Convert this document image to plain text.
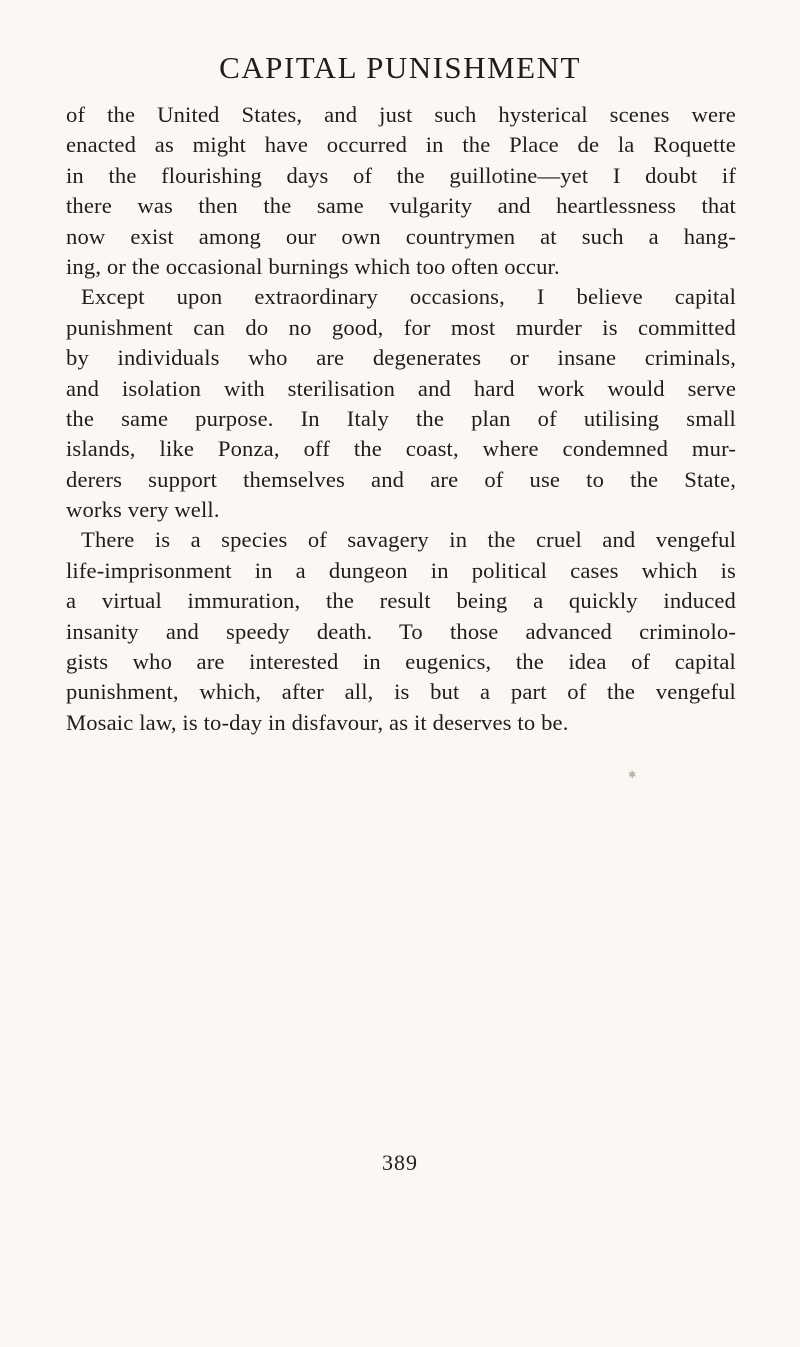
CAPITAL PUNISHMENT
of the United States, and just such hysterical scenes were
enacted as might have occurred in the Place de la Roquette
in the flourishing days of the guillotine—yet I doubt if
there was then the same vulgarity and heartlessness that
now exist among our own countrymen at such a hang-
ing, or the occasional burnings which too often occur.
Except upon extraordinary occasions, I believe capital
punishment can do no good, for most murder is committed
by individuals who are degenerates or insane criminals,
and isolation with sterilisation and hard work would serve
the same purpose. In Italy the plan of utilising small
islands, like Ponza, off the coast, where condemned mur-
derers support themselves and are of use to the State,
works very well.
There is a species of savagery in the cruel and vengeful
life-imprisonment in a dungeon in political cases which is
a virtual immuration, the result being a quickly induced
insanity and speedy death. To those advanced criminolo-
gists who are interested in eugenics, the idea of capital
punishment, which, after all, is but a part of the vengeful
Mosaic law, is to-day in disfavour, as it deserves to be.
✱
389
